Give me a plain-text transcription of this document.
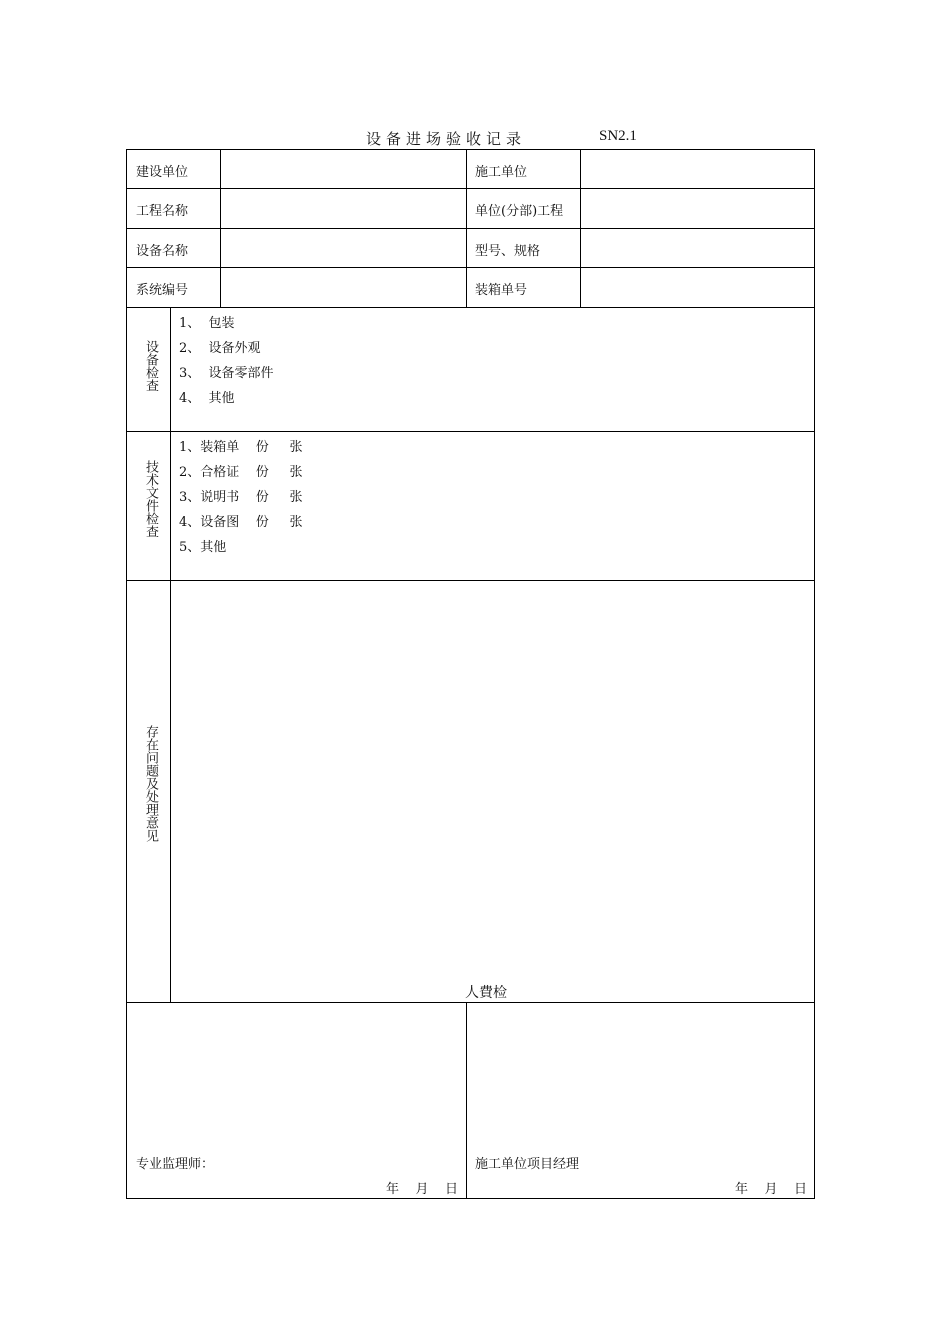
设备进场验收记录	SN2.1
建设单位	施工单位
工程名称	单位(分部)工程
设备名称	型号、规格
系统编号	装箱单号
设备检查
1、  包装
2、  设备外观
3、  设备零部件
4、  其他
技术文件检查
1、装箱单    份     张
2、合格证    份     张
3、说明书    份     张
4、设备图    份     张
5、其他
存在问题及处理意见
人費检
专业监理师：
年    月    日
施工单位项目经理
年    月    日
